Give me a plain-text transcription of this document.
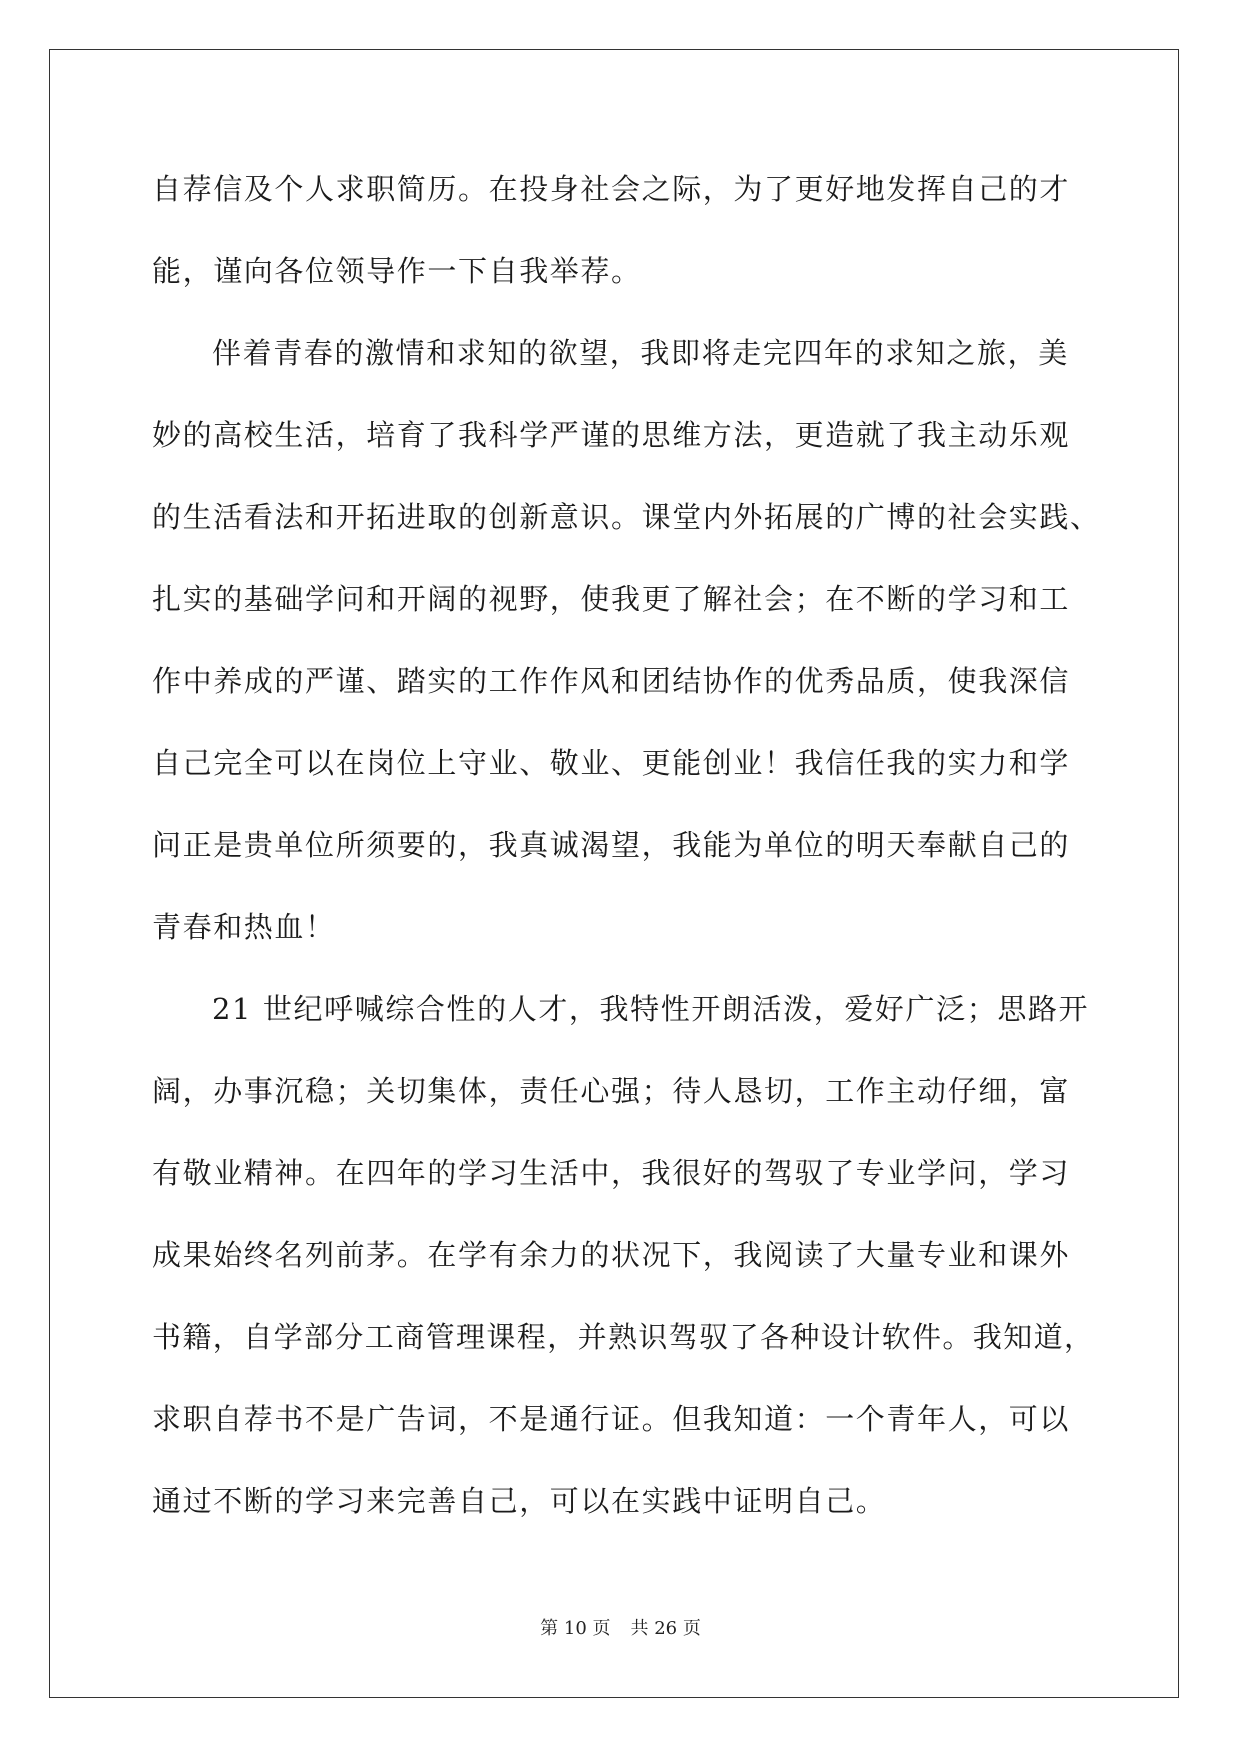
自荐信及个人求职简历。在投身社会之际，为了更好地发挥自己的才

能，谨向各位领导作一下自我举荐。

伴着青春的激情和求知的欲望，我即将走完四年的求知之旅，美

妙的高校生活，培育了我科学严谨的思维方法，更造就了我主动乐观

的生活看法和开拓进取的创新意识。课堂内外拓展的广博的社会实践、

扎实的基础学问和开阔的视野，使我更了解社会；在不断的学习和工

作中养成的严谨、踏实的工作作风和团结协作的优秀品质，使我深信

自己完全可以在岗位上守业、敬业、更能创业！我信任我的实力和学

问正是贵单位所须要的，我真诚渴望，我能为单位的明天奉献自己的

青春和热血！

21 世纪呼喊综合性的人才，我特性开朗活泼，爱好广泛；思路开

阔，办事沉稳；关切集体，责任心强；待人恳切，工作主动仔细，富

有敬业精神。在四年的学习生活中，我很好的驾驭了专业学问，学习

成果始终名列前茅。在学有余力的状况下，我阅读了大量专业和课外

书籍，自学部分工商管理课程，并熟识驾驭了各种设计软件。我知道，

求职自荐书不是广告词，不是通行证。但我知道：一个青年人，可以

通过不断的学习来完善自己，可以在实践中证明自己。

第 10 页 共 26 页
